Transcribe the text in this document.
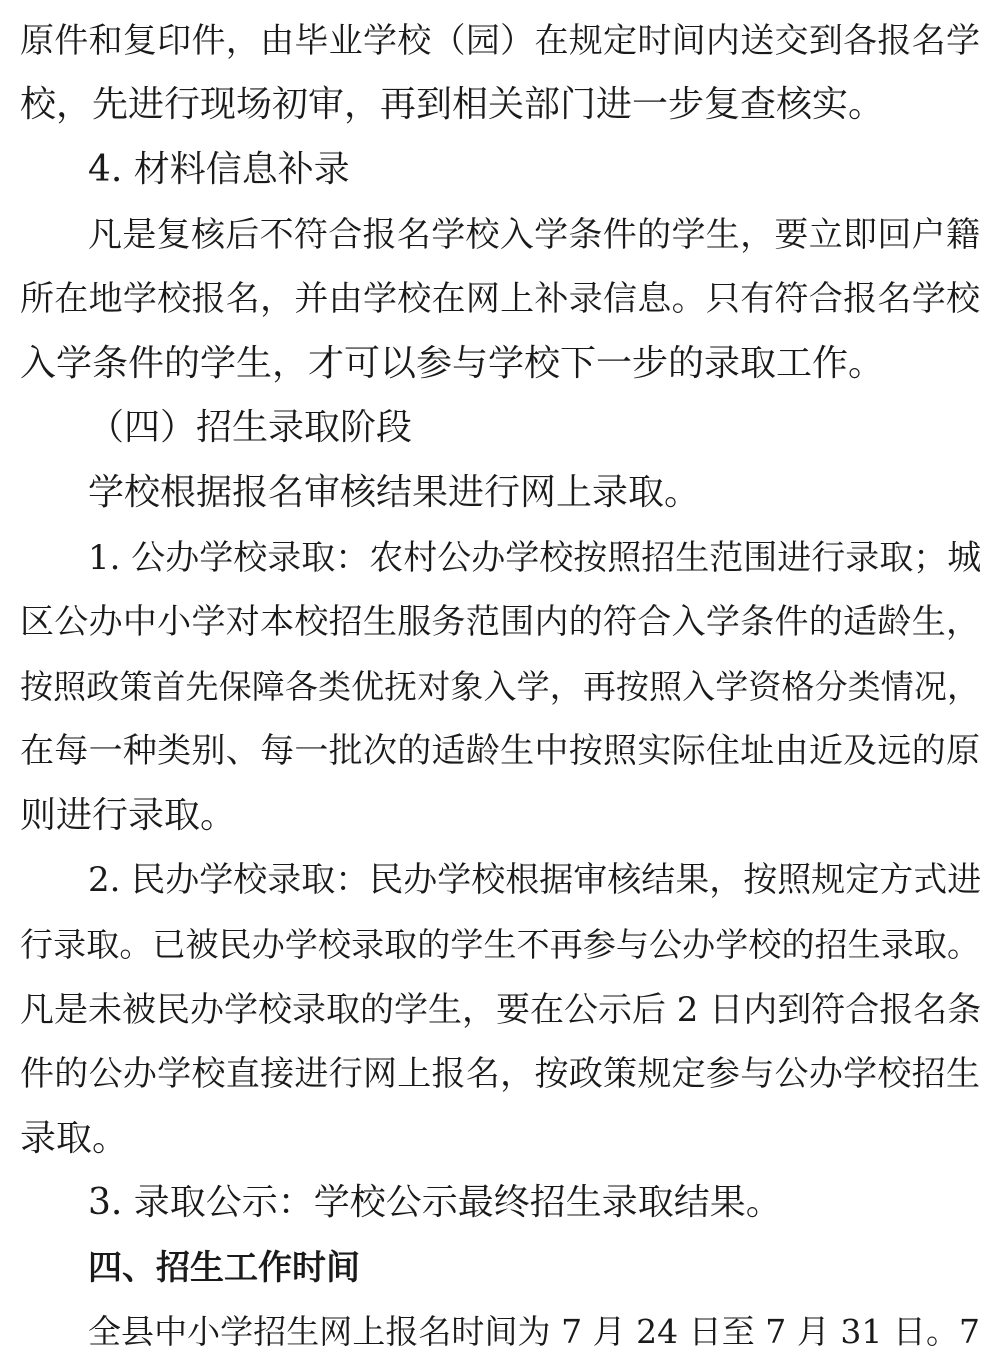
原件和复印件，由毕业学校（园）在规定时间内送交到各报名学
校，先进行现场初审，再到相关部门进一步复查核实。
4. 材料信息补录
凡是复核后不符合报名学校入学条件的学生，要立即回户籍
所在地学校报名，并由学校在网上补录信息。只有符合报名学校
入学条件的学生，才可以参与学校下一步的录取工作。
（四）招生录取阶段
学校根据报名审核结果进行网上录取。
1. 公办学校录取：农村公办学校按照招生范围进行录取；城
区公办中小学对本校招生服务范围内的符合入学条件的适龄生，
按照政策首先保障各类优抚对象入学，再按照入学资格分类情况，
在每一种类别、每一批次的适龄生中按照实际住址由近及远的原
则进行录取。
2. 民办学校录取：民办学校根据审核结果，按照规定方式进
行录取。已被民办学校录取的学生不再参与公办学校的招生录取。
凡是未被民办学校录取的学生，要在公示后 2 日内到符合报名条
件的公办学校直接进行网上报名，按政策规定参与公办学校招生
录取。
3. 录取公示：学校公示最终招生录取结果。
四、招生工作时间
全县中小学招生网上报名时间为 7 月 24 日至 7 月 31 日。7
